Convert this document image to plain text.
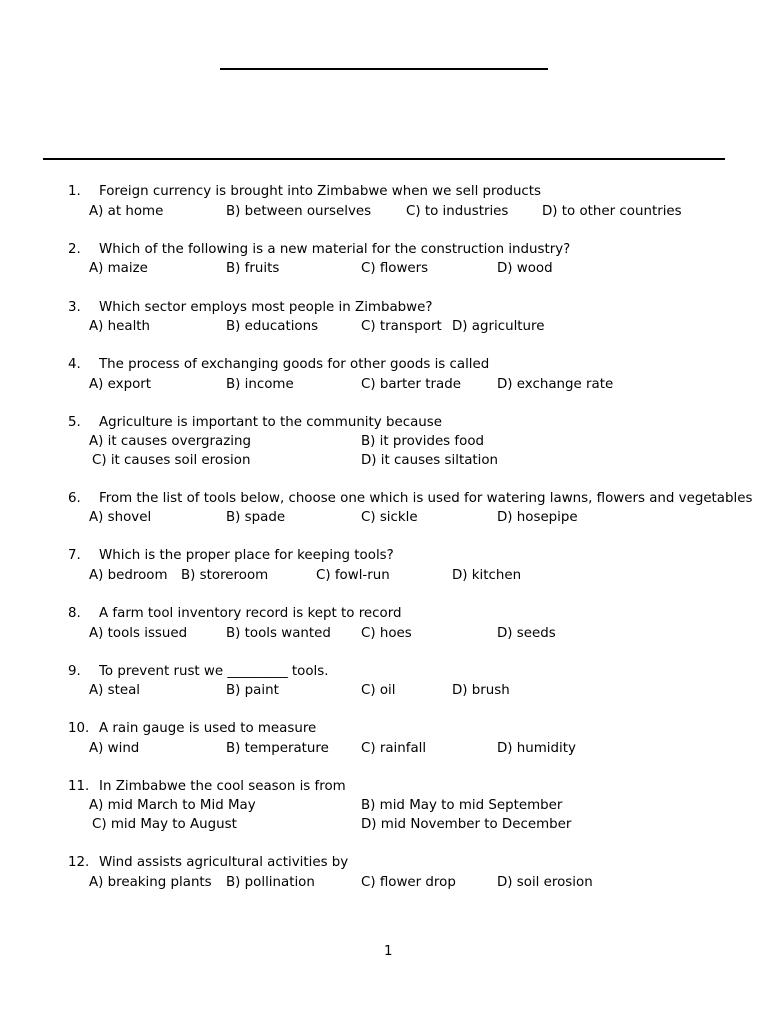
1. Foreign currency is brought into Zimbabwe when we sell products
A) at home	B) between ourselves	C) to industries	D) to other countries
2. Which of the following is a new material for the construction industry?
A) maize	B) fruits	C) flowers	D) wood
3. Which sector employs most people in Zimbabwe?
A) health	B) educations	C) transport D) agriculture
4. The process of exchanging goods for other goods is called
A) export	B) income	C) barter trade	D) exchange rate
5. Agriculture is important to the community because
A) it causes overgrazing	B) it provides food
C) it causes soil erosion	D) it causes siltation
6. From the list of tools below, choose one which is used for watering lawns, flowers and vegetables
A) shovel	B) spade	C) sickle	D) hosepipe
7. Which is the proper place for keeping tools?
A) bedroom B) storeroom	C) fowl-run	D) kitchen
8. A farm tool inventory record is kept to record
A) tools issued	B) tools wanted C) hoes	D) seeds
9. To prevent rust we _________ tools.
A) steal	B) paint	C) oil	D) brush
10. A rain gauge is used to measure
A) wind	B) temperature C) rainfall	D) humidity
11. In Zimbabwe the cool season is from
A) mid March to Mid May	B) mid May to mid September
C) mid May to August	D) mid November to December
12. Wind assists agricultural activities by
A) breaking plants B) pollination	C) flower drop	D) soil erosion
1
